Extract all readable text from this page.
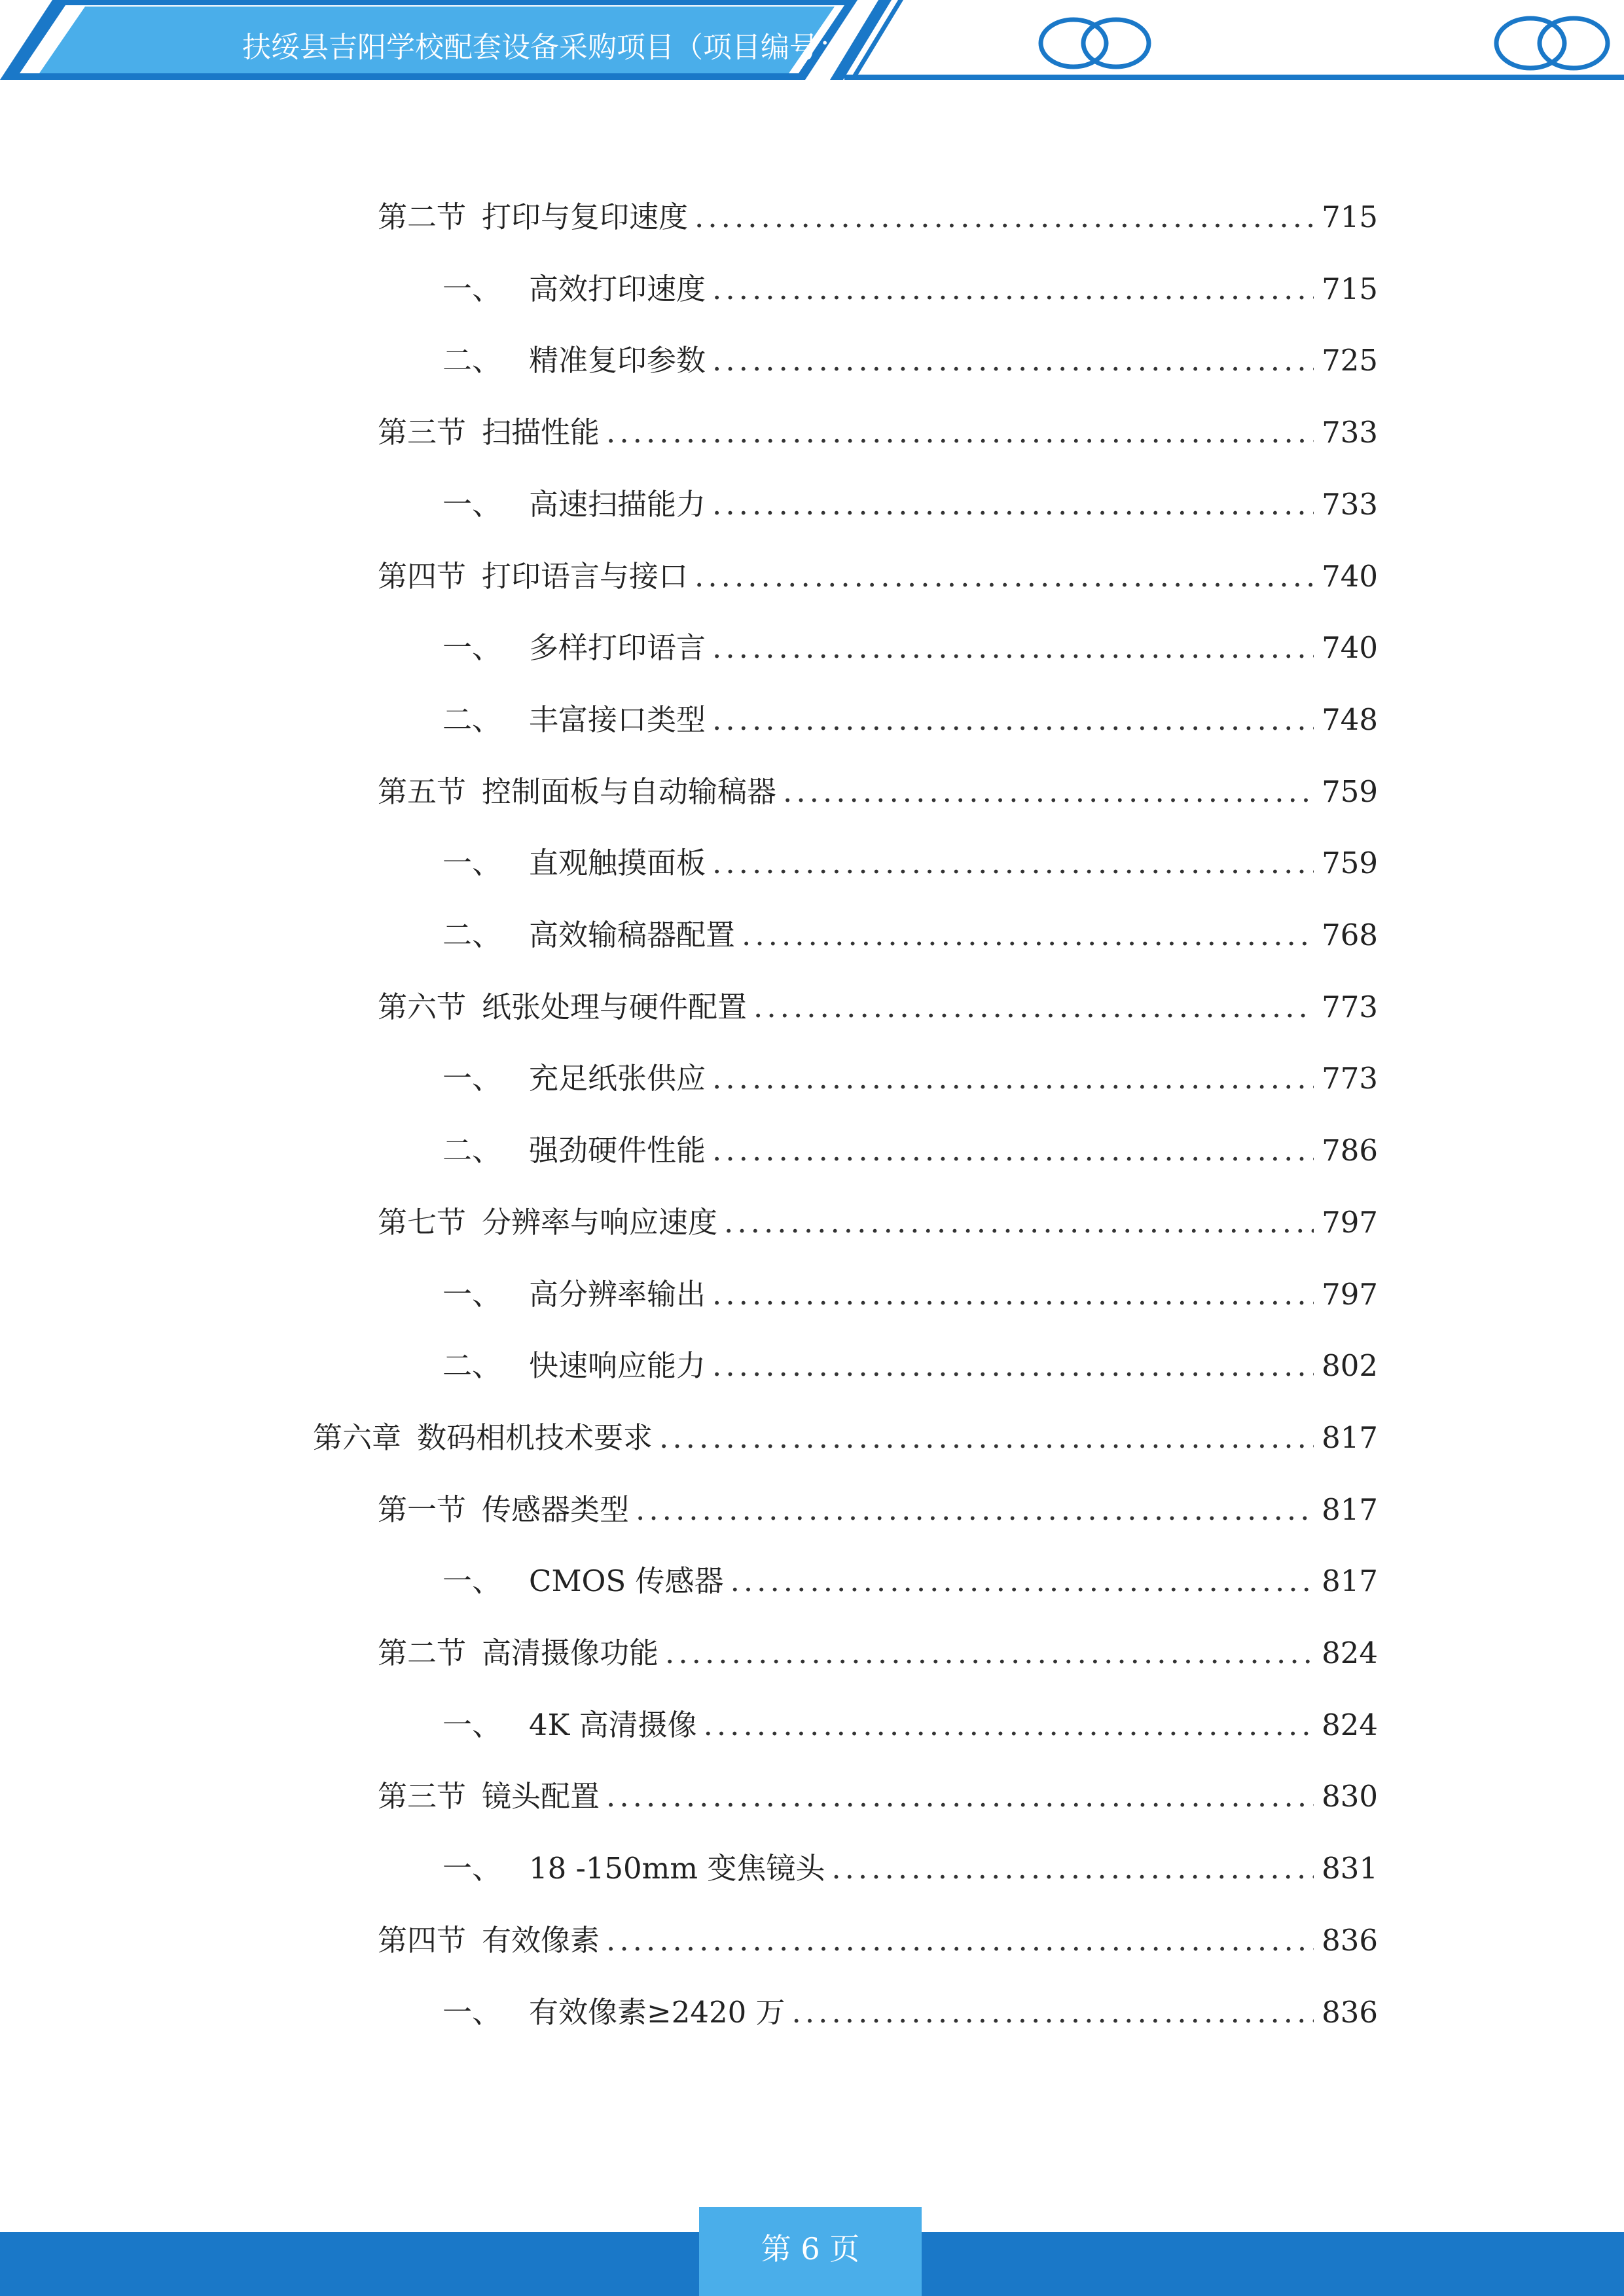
扶绥县吉阳学校配套设备采购项目（项目编号：
第二节 打印与复印速度 .....	715
一、 高效打印速度 .....	715
二、 精准复印参数 .....	725
第三节 扫描性能 .....	733
一、 高速扫描能力 .....	733
第四节 打印语言与接口 .....	740
一、 多样打印语言 .....	740
二、 丰富接口类型 .....	748
第五节 控制面板与自动输稿器 .....	759
一、 直观触摸面板 .....	759
二、 高效输稿器配置 .....	768
第六节 纸张处理与硬件配置 .....	773
一、 充足纸张供应 .....	773
二、 强劲硬件性能 .....	786
第七节 分辨率与响应速度 .....	797
一、 高分辨率输出 .....	797
二、 快速响应能力 .....	802
第六章 数码相机技术要求 .....	817
第一节 传感器类型 .....	817
一、 CMOS 传感器 .....	817
第二节 高清摄像功能 .....	824
一、 4K 高清摄像 .....	824
第三节 镜头配置 .....	830
一、 18 -150mm 变焦镜头 .....	831
第四节 有效像素 .....	836
一、 有效像素≥2420 万 .....	836
第 6 页
